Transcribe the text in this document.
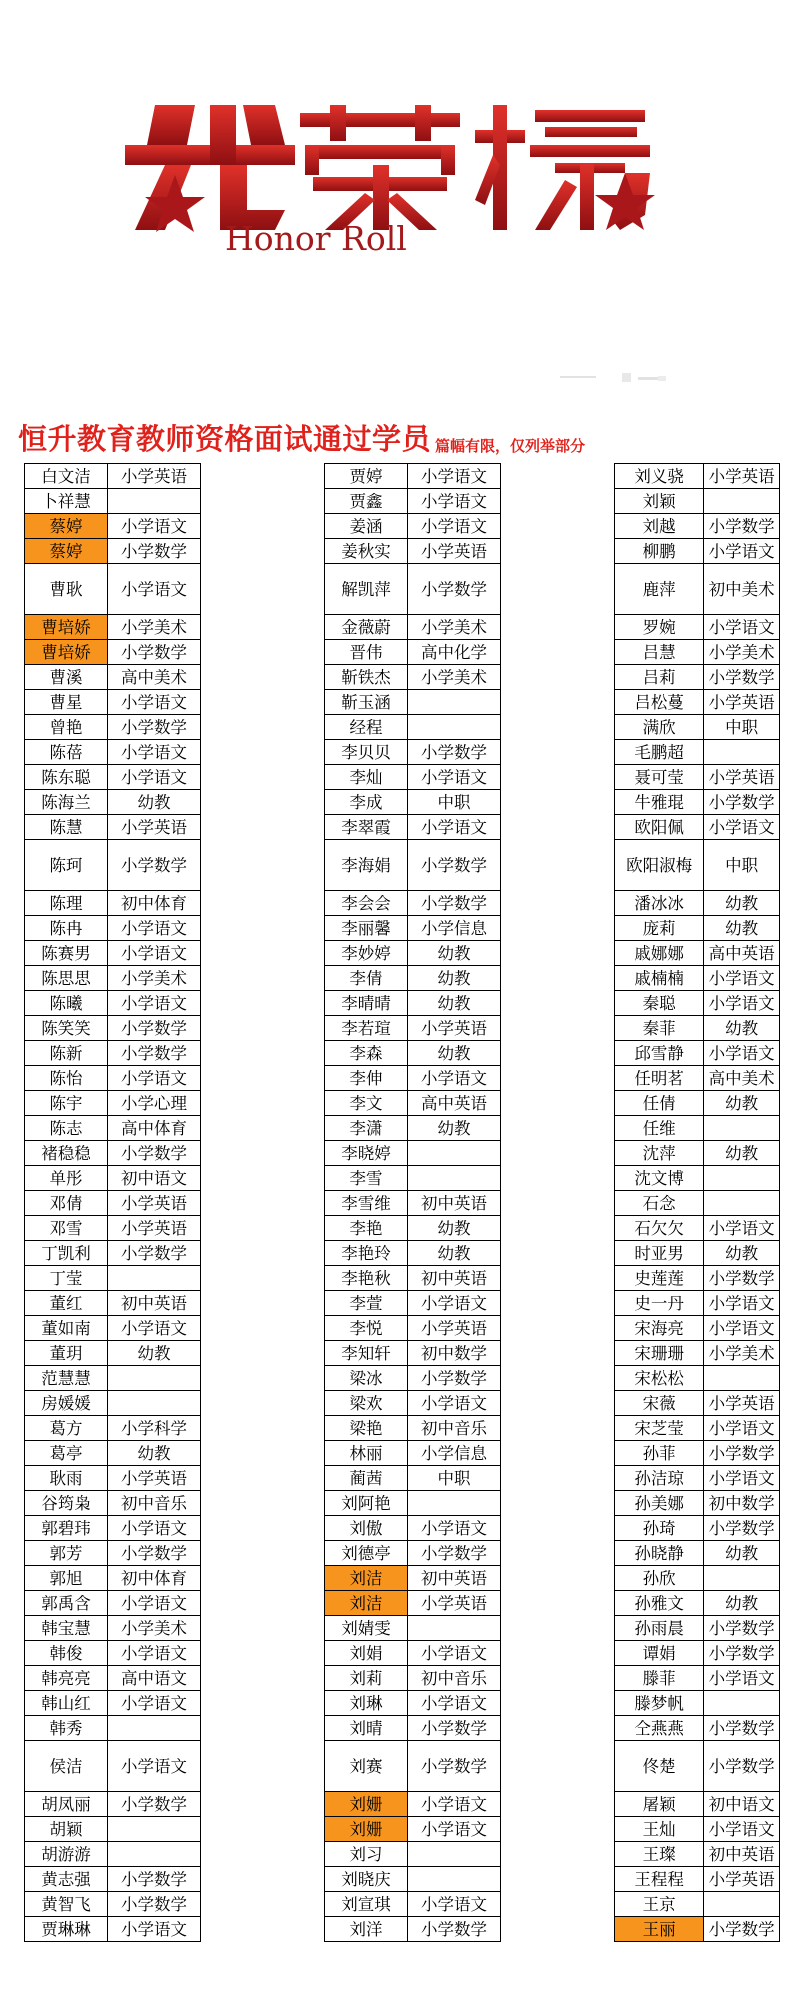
Honor Roll
恒升教育教师资格面试通过学员 篇幅有限，仅列举部分
白文洁	小学英语
卜祥慧	
蔡婷	小学语文
蔡婷	小学数学
曹耿	小学语文
曹培娇	小学美术
曹培娇	小学数学
曹溪	高中美术
曹星	小学语文
曾艳	小学数学
陈蓓	小学语文
陈东聪	小学语文
陈海兰	幼教
陈慧	小学英语
陈珂	小学数学
陈理	初中体育
陈冉	小学语文
陈赛男	小学语文
陈思思	小学美术
陈曦	小学语文
陈笑笑	小学数学
陈新	小学数学
陈怡	小学语文
陈宇	小学心理
陈志	高中体育
褚稳稳	小学数学
单彤	初中语文
邓倩	小学英语
邓雪	小学英语
丁凯利	小学数学
丁莹	
董红	初中英语
董如南	小学语文
董玥	幼教
范慧慧	
房媛媛	
葛方	小学科学
葛亭	幼教
耿雨	小学英语
谷筠枭	初中音乐
郭碧玮	小学语文
郭芳	小学数学
郭旭	初中体育
郭禹含	小学语文
韩宝慧	小学美术
韩俊	小学语文
韩亮亮	高中语文
韩山红	小学语文
韩秀	
侯洁	小学语文
胡凤丽	小学数学
胡颖	
胡游游	
黄志强	小学数学
黄智飞	小学数学
贾琳琳	小学语文
贾婷	小学语文
贾鑫	小学语文
姜涵	小学语文
姜秋实	小学英语
解凯萍	小学数学
金薇蔚	小学美术
晋伟	高中化学
靳铁杰	小学美术
靳玉涵	
经程	
李贝贝	小学数学
李灿	小学语文
李成	中职
李翠霞	小学语文
李海娟	小学数学
李会会	小学数学
李丽馨	小学信息
李妙婷	幼教
李倩	幼教
李晴晴	幼教
李若瑄	小学英语
李森	幼教
李伸	小学语文
李文	高中英语
李潇	幼教
李晓婷	
李雪	
李雪维	初中英语
李艳	幼教
李艳玲	幼教
李艳秋	初中英语
李萱	小学语文
李悦	小学英语
李知轩	初中数学
梁冰	小学数学
梁欢	小学语文
梁艳	初中音乐
林丽	小学信息
蔺茜	中职
刘阿艳	
刘傲	小学语文
刘德亭	小学数学
刘洁	初中英语
刘洁	小学英语
刘婧雯	
刘娟	小学语文
刘莉	初中音乐
刘琳	小学语文
刘晴	小学数学
刘赛	小学数学
刘姗	小学语文
刘姗	小学语文
刘习	
刘晓庆	
刘宣琪	小学语文
刘洋	小学数学
刘义骁	小学英语
刘颖	
刘越	小学数学
柳鹏	小学语文
鹿萍	初中美术
罗婉	小学语文
吕慧	小学美术
吕莉	小学数学
吕松蔓	小学英语
满欣	中职
毛鹏超	
聂可莹	小学英语
牛雅琨	小学数学
欧阳佩	小学语文
欧阳淑梅	中职
潘冰冰	幼教
庞莉	幼教
戚娜娜	高中英语
戚楠楠	小学语文
秦聪	小学语文
秦菲	幼教
邱雪静	小学语文
任明茗	高中美术
任倩	幼教
任维	
沈萍	幼教
沈文博	
石念	
石欠欠	小学语文
时亚男	幼教
史莲莲	小学数学
史一丹	小学语文
宋海亮	小学语文
宋珊珊	小学美术
宋松松	
宋薇	小学英语
宋芝莹	小学语文
孙菲	小学数学
孙洁琼	小学语文
孙美娜	初中数学
孙琦	小学数学
孙晓静	幼教
孙欣	
孙雅文	幼教
孙雨晨	小学数学
谭娟	小学数学
滕菲	小学语文
滕梦帆	
仝燕燕	小学数学
佟楚	小学数学
屠颖	初中语文
王灿	小学语文
王璨	初中英语
王程程	小学英语
王京	
王丽	小学数学
